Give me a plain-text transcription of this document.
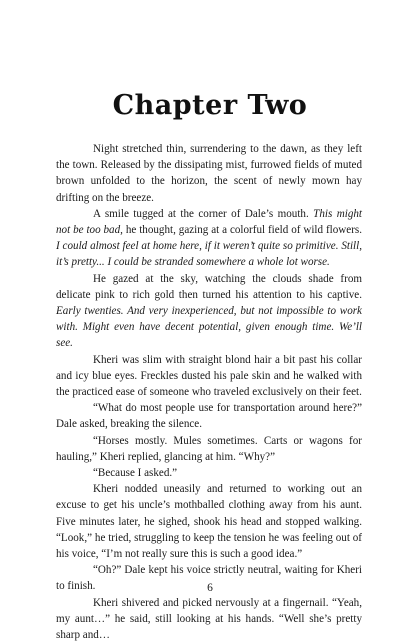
Chapter Two

Night stretched thin, surrendering to the dawn, as they left the town. Released by the dissipating mist, furrowed fields of muted brown unfolded to the horizon, the scent of newly mown hay drifting on the breeze.

A smile tugged at the corner of Dale’s mouth. This might not be too bad, he thought, gazing at a colorful field of wild flowers. I could almost feel at home here, if it weren’t quite so primitive. Still, it’s pretty... I could be stranded somewhere a whole lot worse.

He gazed at the sky, watching the clouds shade from delicate pink to rich gold then turned his attention to his captive. Early twenties. And very inexperienced, but not impossible to work with. Might even have decent potential, given enough time. We’ll see.

Kheri was slim with straight blond hair a bit past his collar and icy blue eyes. Freckles dusted his pale skin and he walked with the practiced ease of someone who traveled exclusively on their feet.

“What do most people use for transportation around here?” Dale asked, breaking the silence.

“Horses mostly. Mules sometimes. Carts or wagons for hauling,” Kheri replied, glancing at him. “Why?”

“Because I asked.”

Kheri nodded uneasily and returned to working out an excuse to get his uncle’s mothballed clothing away from his aunt. Five minutes later, he sighed, shook his head and stopped walking. “Look,” he tried, struggling to keep the tension he was feeling out of his voice, “I’m not really sure this is such a good idea.”

“Oh?” Dale kept his voice strictly neutral, waiting for Kheri to finish.

Kheri shivered and picked nervously at a fingernail. “Yeah, my aunt…” he said, still looking at his hands. “Well she’s pretty sharp and…

6
